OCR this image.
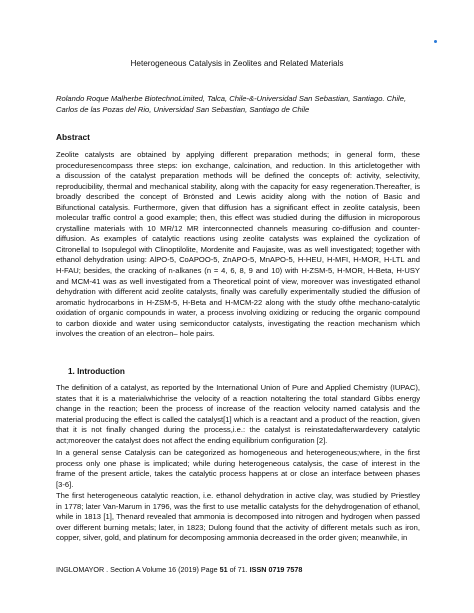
Heterogeneous Catalysis in Zeolites and Related Materials
Rolando Roque Malherbe BiotechnoLimited, Talca, Chile-&-Universidad San Sebastian, Santiago. Chile,
Carlos de las Pozas del Rio, Universidad San Sebastian, Santiago de Chile
Abstract
Zeolite catalysts are obtained by applying different preparation methods; in general form, these
proceduresencompass three steps: ion exchange, calcination, and reduction. In this articletogether with
a discussion of the catalyst preparation methods will be defined the concepts of: activity, selectivity,
reproducibility, thermal and mechanical stability, along with the capacity for easy regeneration.Thereafter, is
broadly described the concept of Brönsted and Lewis acidity along with the notion of Basic and
Bifunctional catalysis. Furthermore, given that diffusion has a significant effect in zeolite catalysis, been
molecular traffic control a good example; then, this effect was studied during the diffusion in microporous
crystalline materials with 10 MR/12 MR interconnected channels measuring co-diffusion and counter-
diffusion. As examples of catalytic reactions using zeolite catalysts was explained the cyclization of
Citronellal to Isopulegol with Clinoptilolite, Mordenite and Faujasite, was as well investigated; together with
ethanol dehydration using: AlPO-5, CoAPOO-5, ZnAPO-5, MnAPO-5, H-HEU, H-MFI, H-MOR, H-LTL and
H-FAU; besides, the cracking of n-alkanes (n = 4, 6, 8, 9 and 10) with H-ZSM-5, H-MOR, H-Beta, H-USY
and MCM-41 was as well investigated from a Theoretical point of view, moreover was investigated ethanol
dehydration with different acid zeolite catalysts, finally was carefully experimentally studied the diffusion of
aromatic hydrocarbons in H-ZSM-5, H-Beta and H-MCM-22 along with the study ofthe mechano-catalytic
oxidation of organic compounds in water, a process involving oxidizing or reducing the organic compound
to carbon dioxide and water using semiconductor catalysts, investigating the reaction mechanism which
involves the creation of an electron– hole pairs.
1. Introduction
The definition of a catalyst, as reported by the International Union of Pure and Applied Chemistry (IUPAC),
states that it is a materialwhichrise the velocity of a reaction notaltering the total standard Gibbs energy
change in the reaction; been the process of increase of the reaction velocity named catalysis and the
material producing the effect is called the catalyst[1] which is a reactant and a product of the reaction, given
that it is not finally changed during the process,i.e.: the catalyst is reinstatedafterwardevery catalytic
act;moreover the catalyst does not affect the ending equilibrium configuration [2].
In a general sense Catalysis can be categorized as homogeneous and heterogeneous;where, in the first
process only one phase is implicated; while during heterogeneous catalysis, the case of interest in the
frame of the present article, takes the catalytic process happens at or close an interface between phases
[3-6].
The first heterogeneous catalytic reaction, i.e. ethanol dehydration in active clay, was studied by Priestley
in 1778; later Van-Marum in 1796, was the first to use metallic catalysts for the dehydrogenation of ethanol,
while in 1813 [1], Thenard revealed that ammonia is decomposed into nitrogen and hydrogen when passed
over different burning metals; later, in 1823; Dulong found that the activity of different metals such as iron,
copper, silver, gold, and platinum for decomposing ammonia decreased in the order given; meanwhile, in
INGLOMAYOR . Section A Volume 16 (2019) Page 51 of 71. ISSN 0719 7578
